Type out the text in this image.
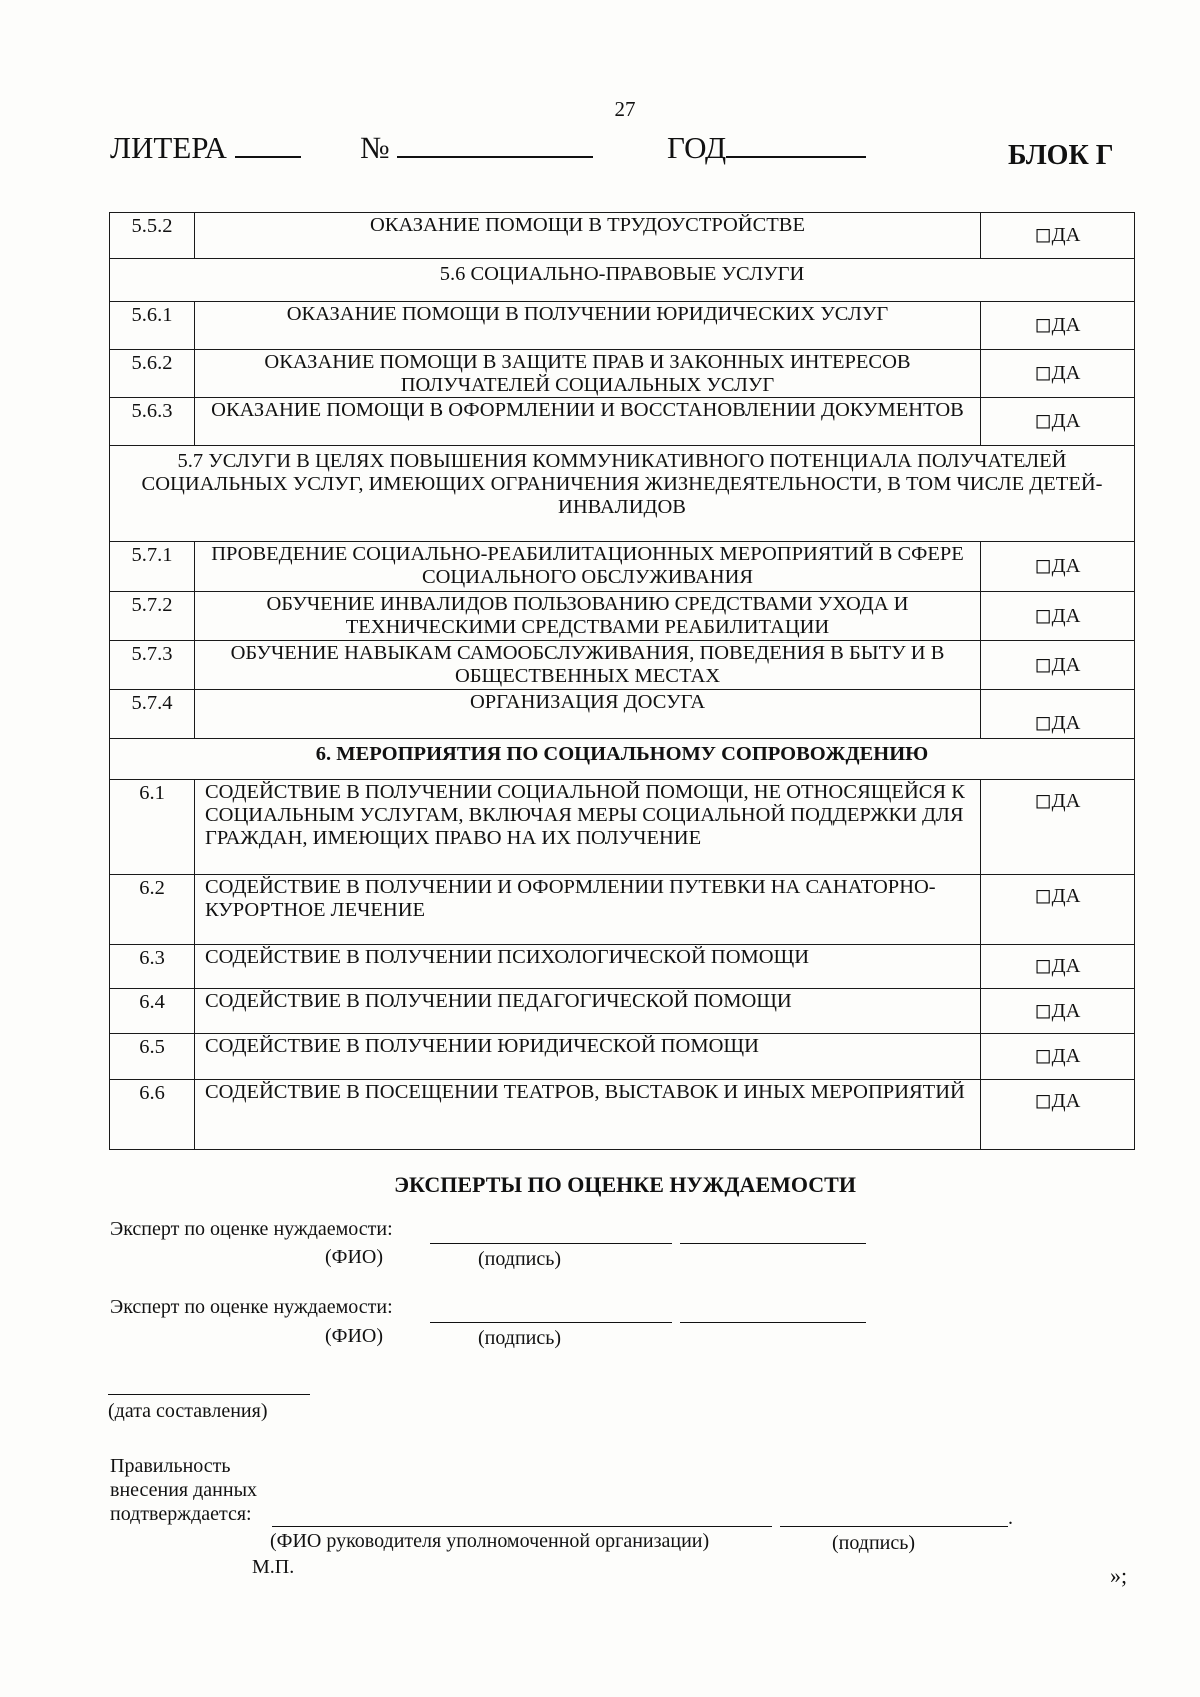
27
ЛИТЕРА	№	ГОД	БЛОК Г
5.5.2	ОКАЗАНИЕ ПОМОЩИ В ТРУДОУСТРОЙСТВЕ	◻ДА
5.6 СОЦИАЛЬНО-ПРАВОВЫЕ УСЛУГИ		
5.6.1	ОКАЗАНИЕ ПОМОЩИ В ПОЛУЧЕНИИ ЮРИДИЧЕСКИХ УСЛУГ	◻ДА
5.6.2	ОКАЗАНИЕ ПОМОЩИ В ЗАЩИТЕ ПРАВ И ЗАКОННЫХ ИНТЕРЕСОВ ПОЛУЧАТЕЛЕЙ СОЦИАЛЬНЫХ УСЛУГ	◻ДА
5.6.3	ОКАЗАНИЕ ПОМОЩИ В ОФОРМЛЕНИИ И ВОССТАНОВЛЕНИИ ДОКУМЕНТОВ	◻ДА
5.7 УСЛУГИ В ЦЕЛЯХ ПОВЫШЕНИЯ КОММУНИКАТИВНОГО ПОТЕНЦИАЛА ПОЛУЧАТЕЛЕЙ СОЦИАЛЬНЫХ УСЛУГ, ИМЕЮЩИХ ОГРАНИЧЕНИЯ ЖИЗНЕДЕЯТЕЛЬНОСТИ, В ТОМ ЧИСЛЕ ДЕТЕЙ-ИНВАЛИДОВ		
5.7.1	ПРОВЕДЕНИЕ СОЦИАЛЬНО-РЕАБИЛИТАЦИОННЫХ МЕРОПРИЯТИЙ В СФЕРЕ СОЦИАЛЬНОГО ОБСЛУЖИВАНИЯ	◻ДА
5.7.2	ОБУЧЕНИЕ ИНВАЛИДОВ ПОЛЬЗОВАНИЮ СРЕДСТВАМИ УХОДА И ТЕХНИЧЕСКИМИ СРЕДСТВАМИ РЕАБИЛИТАЦИИ	◻ДА
5.7.3	ОБУЧЕНИЕ НАВЫКАМ САМООБСЛУЖИВАНИЯ, ПОВЕДЕНИЯ В БЫТУ И В ОБЩЕСТВЕННЫХ МЕСТАХ	◻ДА
5.7.4	ОРГАНИЗАЦИЯ ДОСУГА	◻ДА
6. МЕРОПРИЯТИЯ ПО СОЦИАЛЬНОМУ СОПРОВОЖДЕНИЮ		
6.1	СОДЕЙСТВИЕ В ПОЛУЧЕНИИ СОЦИАЛЬНОЙ ПОМОЩИ, НЕ ОТНОСЯЩЕЙСЯ К СОЦИАЛЬНЫМ УСЛУГАМ, ВКЛЮЧАЯ МЕРЫ СОЦИАЛЬНОЙ ПОДДЕРЖКИ ДЛЯ ГРАЖДАН, ИМЕЮЩИХ ПРАВО НА ИХ ПОЛУЧЕНИЕ	◻ДА
6.2	СОДЕЙСТВИЕ В ПОЛУЧЕНИИ И ОФОРМЛЕНИИ ПУТЕВКИ НА САНАТОРНО-КУРОРТНОЕ ЛЕЧЕНИЕ	◻ДА
6.3	СОДЕЙСТВИЕ В ПОЛУЧЕНИИ ПСИХОЛОГИЧЕСКОЙ ПОМОЩИ	◻ДА
6.4	СОДЕЙСТВИЕ В ПОЛУЧЕНИИ ПЕДАГОГИЧЕСКОЙ ПОМОЩИ	◻ДА
6.5	СОДЕЙСТВИЕ В ПОЛУЧЕНИИ ЮРИДИЧЕСКОЙ ПОМОЩИ	◻ДА
6.6	СОДЕЙСТВИЕ В ПОСЕЩЕНИИ ТЕАТРОВ, ВЫСТАВОК И ИНЫХ МЕРОПРИЯТИЙ	◻ДА
ЭКСПЕРТЫ ПО ОЦЕНКЕ НУЖДАЕМОСТИ
Эксперт по оценке нуждаемости:
(ФИО)	(подпись)
Эксперт по оценке нуждаемости:
(ФИО)	(подпись)
(дата составления)
Правильность
внесения данных
подтверждается:	.
(ФИО руководителя уполномоченной организации)	(подпись)
М.П.	»;
